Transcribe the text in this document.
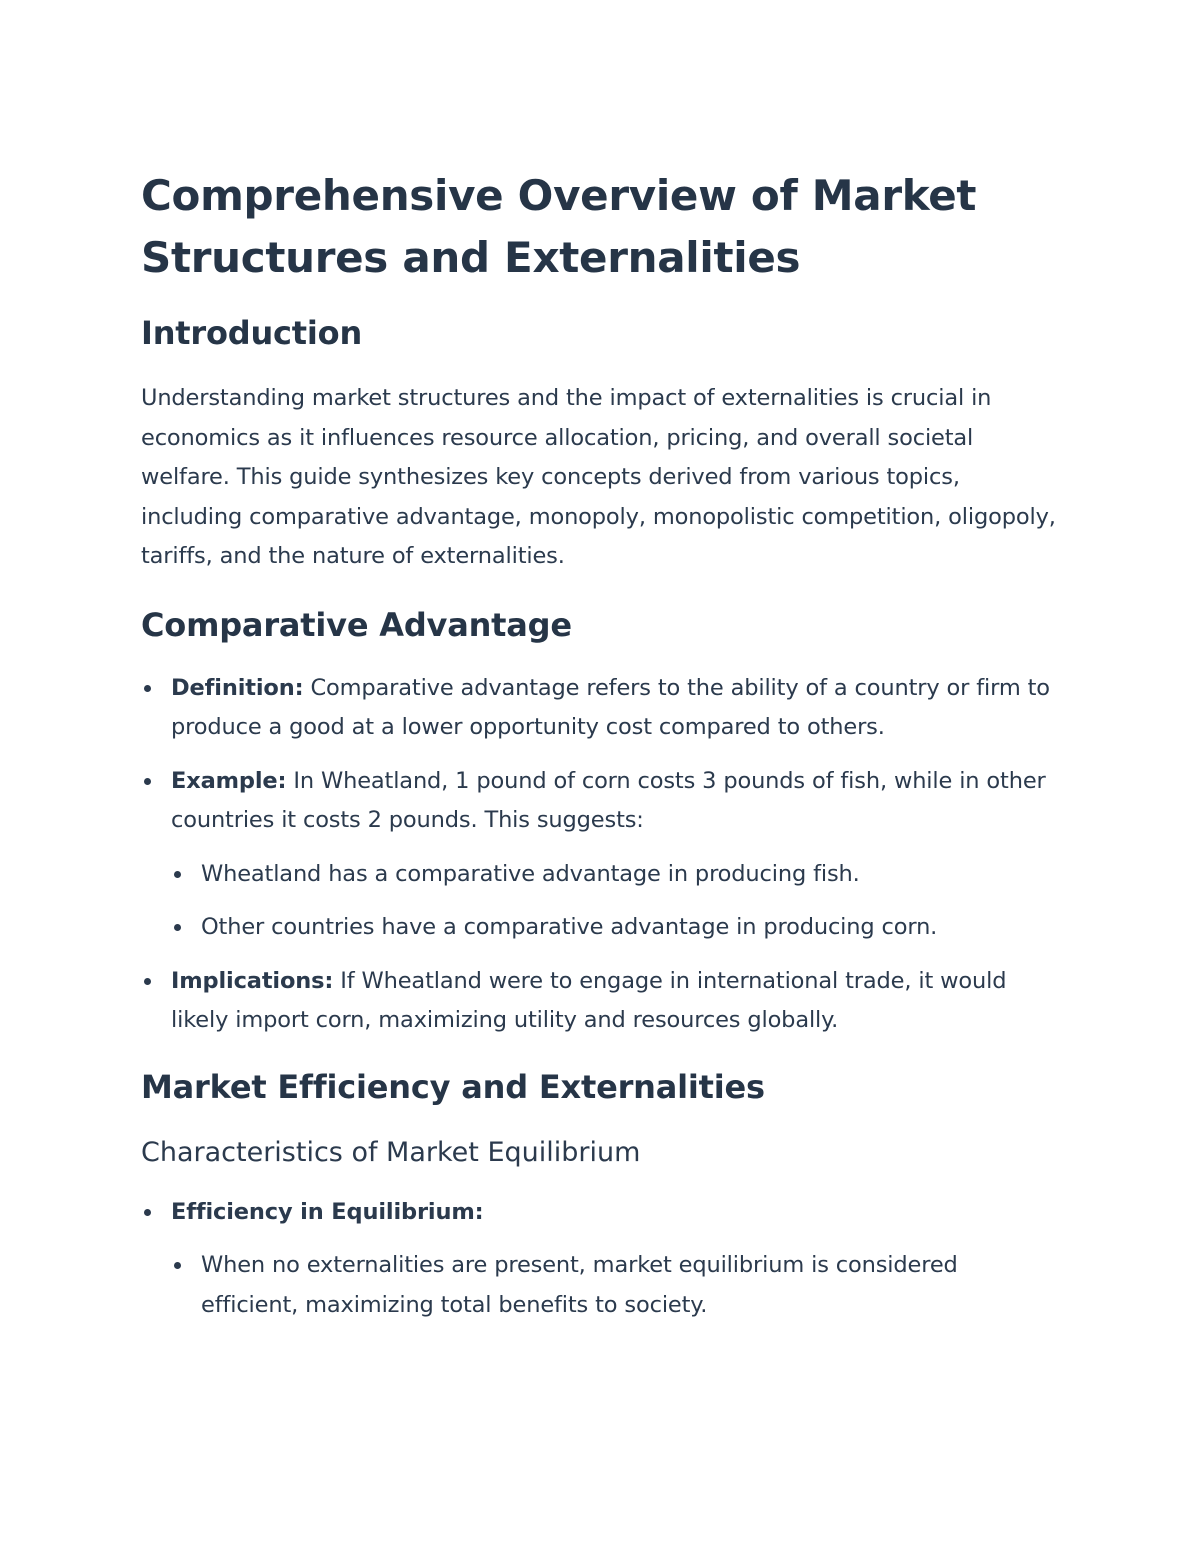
Comprehensive Overview of Market Structures and Externalities
Introduction

Understanding market structures and the impact of externalities is crucial in economics as it influences resource allocation, pricing, and overall societal welfare. This guide synthesizes key concepts derived from various topics, including comparative advantage, monopoly, monopolistic competition, oligopoly, tariffs, and the nature of externalities.

Comparative Advantage
Definition: Comparative advantage refers to the ability of a country or firm to produce a good at a lower opportunity cost compared to others.
Example: In Wheatland, 1 pound of corn costs 3 pounds of fish, while in other countries it costs 2 pounds. This suggests:
Wheatland has a comparative advantage in producing fish.
Other countries have a comparative advantage in producing corn.
Implications: If Wheatland were to engage in international trade, it would likely import corn, maximizing utility and resources globally.
Market Efficiency and Externalities
Characteristics of Market Equilibrium
Efficiency in Equilibrium:
When no externalities are present, market equilibrium is considered efficient, maximizing total benefits to society.
